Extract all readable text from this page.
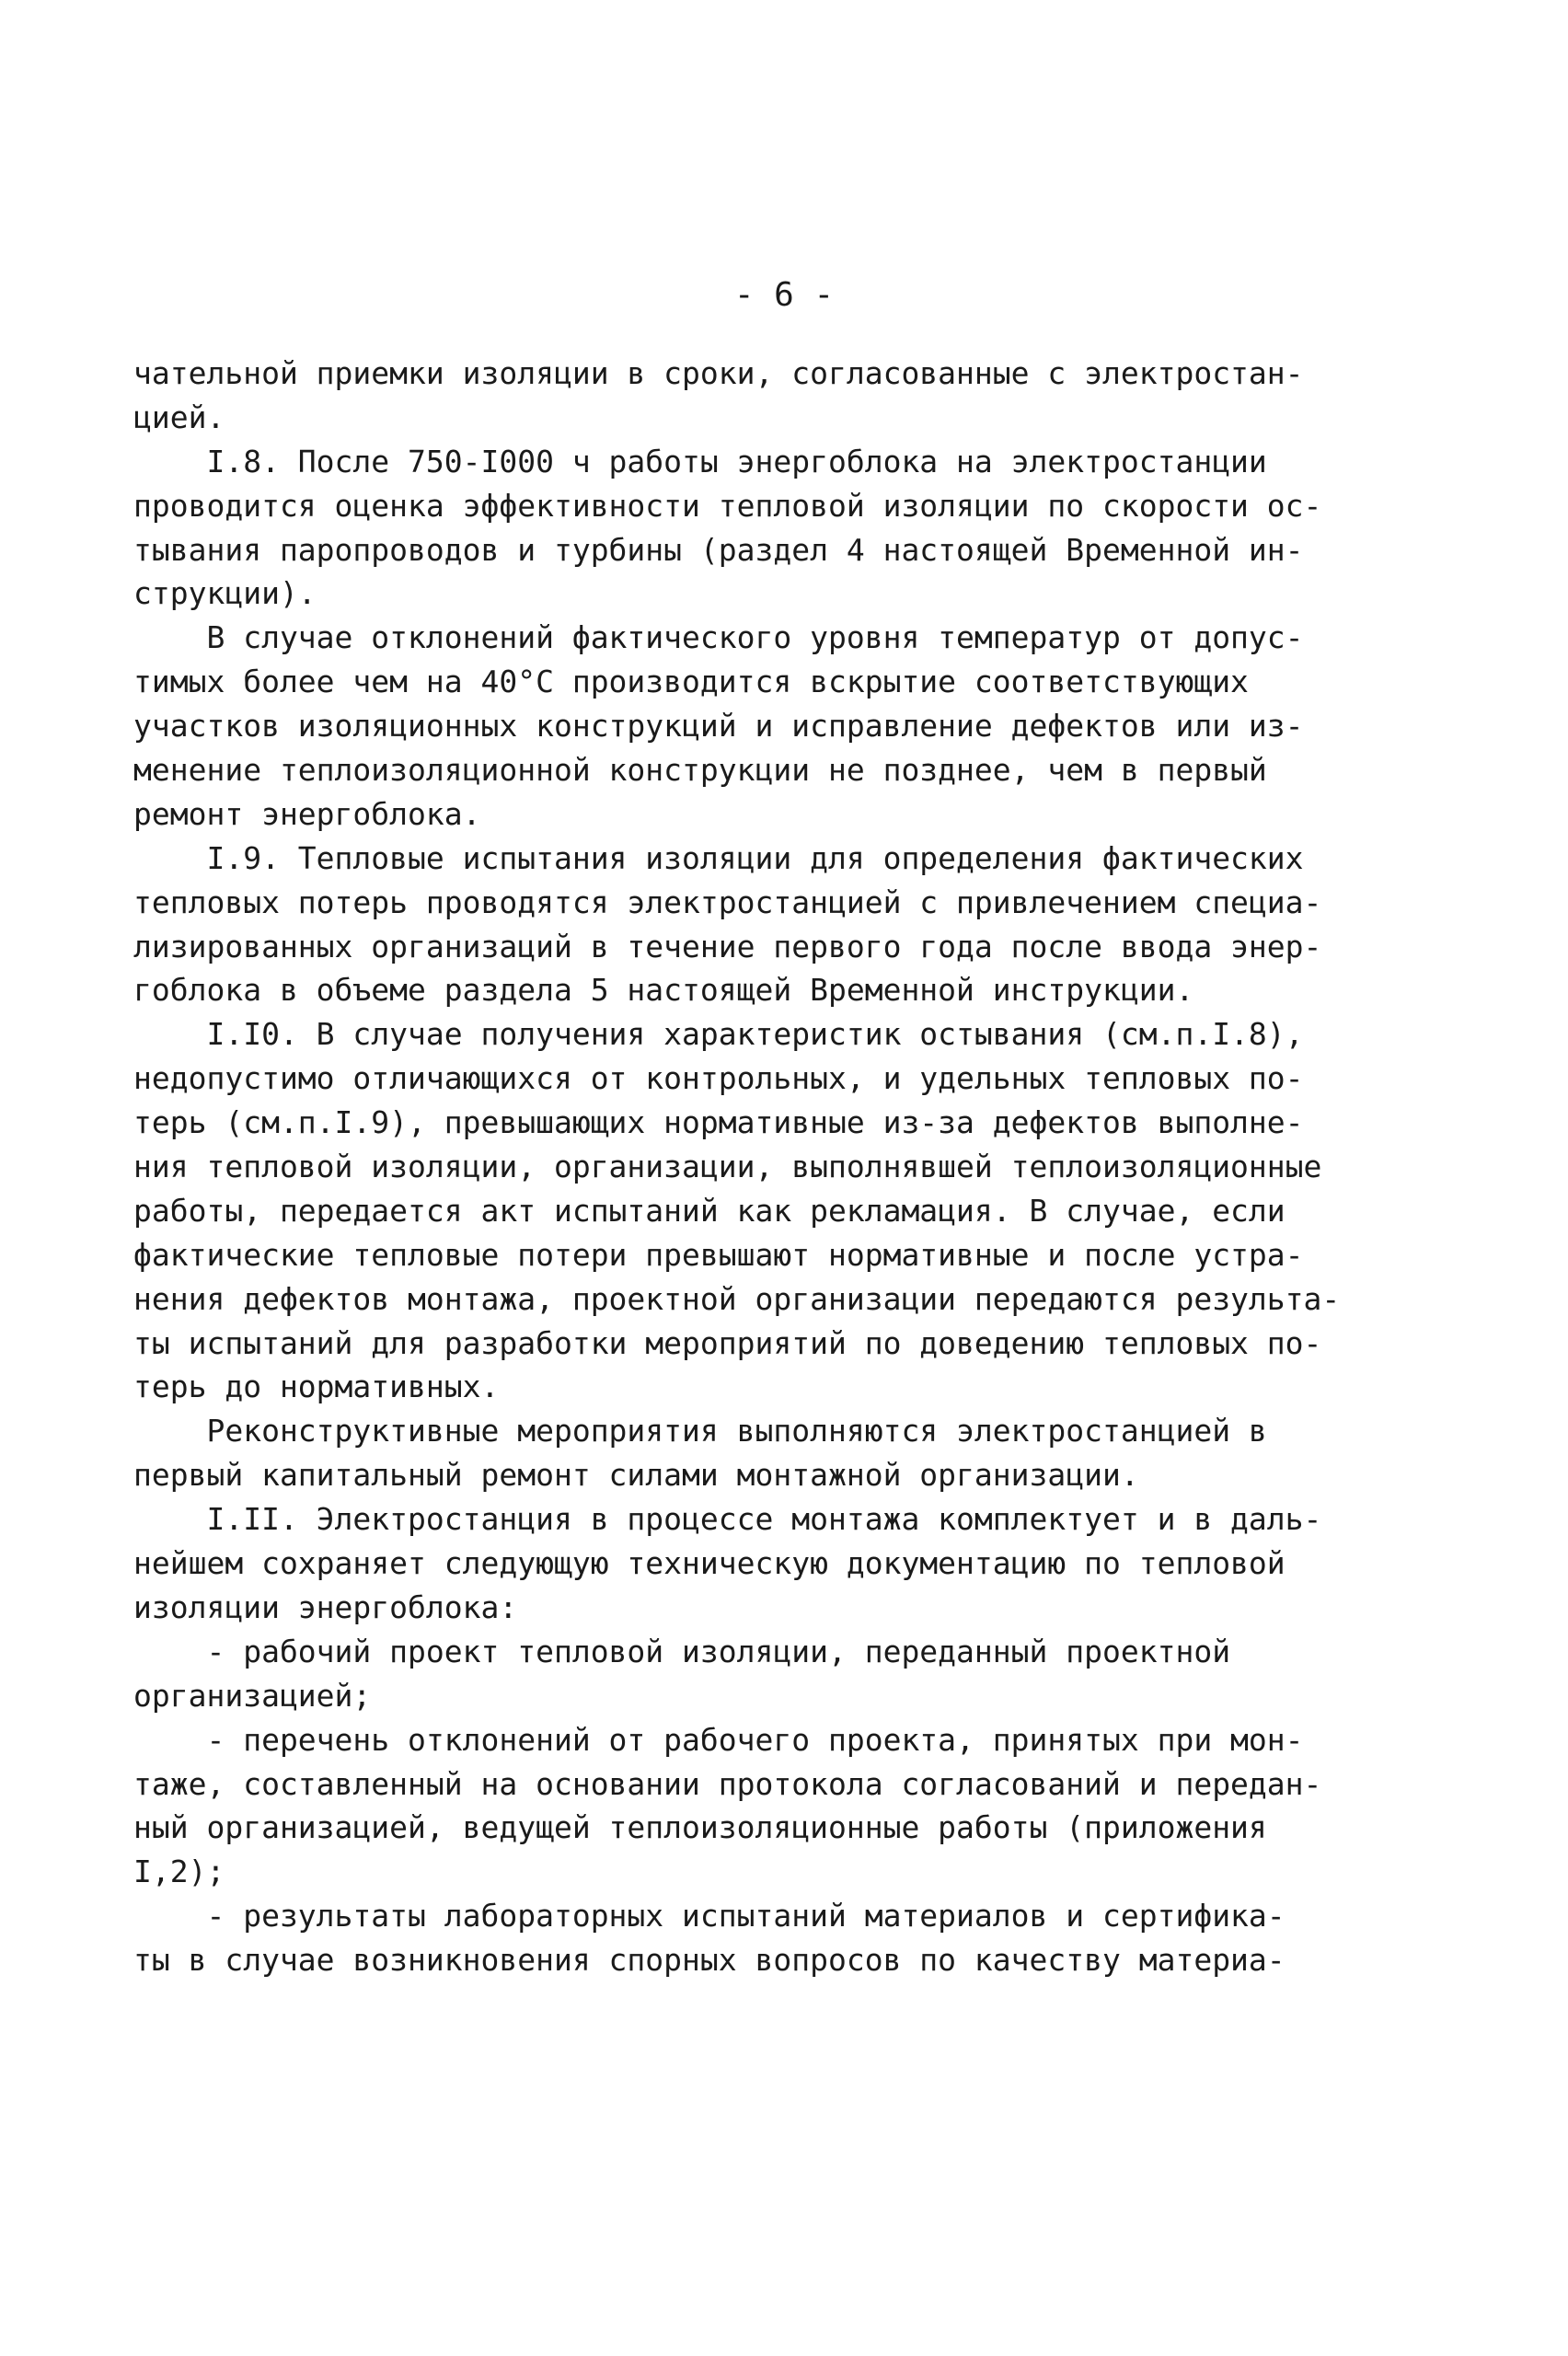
- 6 -
чательной приемки изоляции в сроки, согласованные с электростан-
цией.
I.8. После 750-I000 ч работы энергоблока на электростанции
проводится оценка эффективности тепловой изоляции по скорости ос-
тывания паропроводов и турбины (раздел 4 настоящей Временной ин-
струкции).
В случае отклонений фактического уровня температур от допус-
тимых более чем на 40°С производится вскрытие соответствующих
участков изоляционных конструкций и исправление дефектов или из-
менение теплоизоляционной конструкции не позднее, чем в первый
ремонт энергоблока.
I.9. Тепловые испытания изоляции для определения фактических
тепловых потерь проводятся электростанцией с привлечением специа-
лизированных организаций в течение первого года после ввода энер-
гоблока в объеме раздела 5 настоящей Временной инструкции.
I.I0. В случае получения характеристик остывания (см.п.I.8),
недопустимо отличающихся от контрольных, и удельных тепловых по-
терь (см.п.I.9), превышающих нормативные из-за дефектов выполне-
ния тепловой изоляции, организации, выполнявшей теплоизоляционные
работы, передается акт испытаний как рекламация. В случае, если
фактические тепловые потери превышают нормативные и после устра-
нения дефектов монтажа, проектной организации передаются результа-
ты испытаний для разработки мероприятий по доведению тепловых по-
терь до нормативных.
Реконструктивные мероприятия выполняются электростанцией в
первый капитальный ремонт силами монтажной организации.
I.II. Электростанция в процессе монтажа комплектует и в даль-
нейшем сохраняет следующую техническую документацию по тепловой
изоляции энергоблока:
- рабочий проект тепловой изоляции, переданный проектной
организацией;
- перечень отклонений от рабочего проекта, принятых при мон-
таже, составленный на основании протокола согласований и передан-
ный организацией, ведущей теплоизоляционные работы (приложения
I,2);
- результаты лабораторных испытаний материалов и сертифика-
ты в случае возникновения спорных вопросов по качеству материа-
